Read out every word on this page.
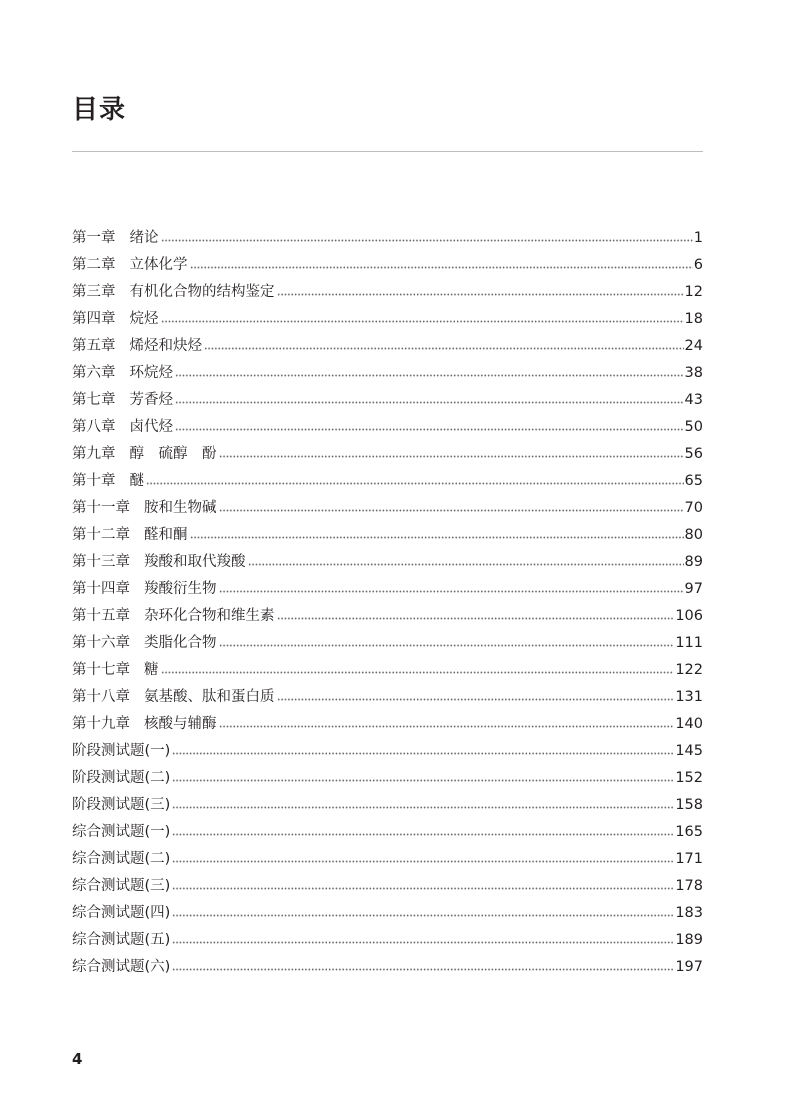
目录
第一章 绪论	1
第二章 立体化学	6
第三章 有机化合物的结构鉴定	12
第四章 烷烃	18
第五章 烯烃和炔烃	24
第六章 环烷烃	38
第七章 芳香烃	43
第八章 卤代烃	50
第九章 醇　硫醇　酚	56
第十章 醚	65
第十一章 胺和生物碱	70
第十二章 醛和酮	80
第十三章 羧酸和取代羧酸	89
第十四章 羧酸衍生物	97
第十五章 杂环化合物和维生素	106
第十六章 类脂化合物	111
第十七章 糖	122
第十八章 氨基酸、肽和蛋白质	131
第十九章 核酸与辅酶	140
阶段测试题(一)	145
阶段测试题(二)	152
阶段测试题(三)	158
综合测试题(一)	165
综合测试题(二)	171
综合测试题(三)	178
综合测试题(四)	183
综合测试题(五)	189
综合测试题(六)	197
4
